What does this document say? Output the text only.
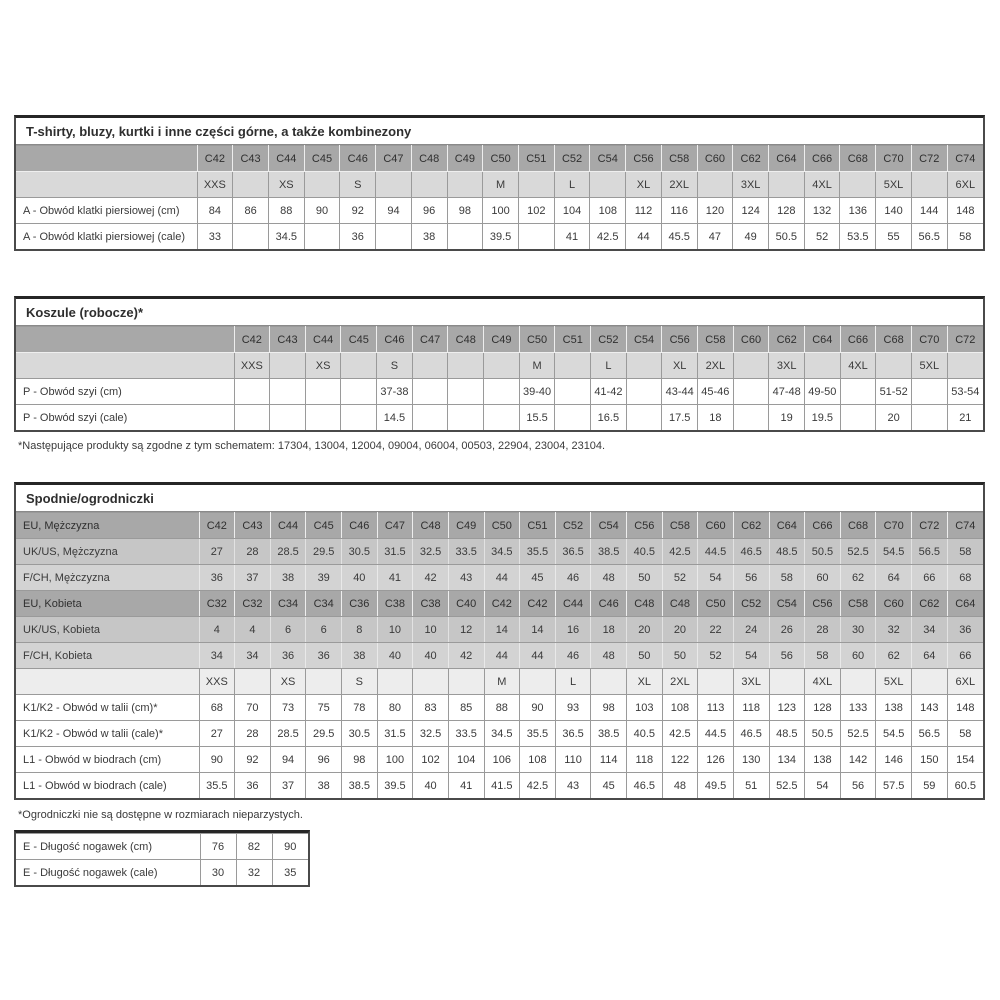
T-shirty, bluzy, kurtki i inne części górne, a także kombinezony
	C42	C43	C44	C45	C46	C47	C48	C49	C50	C51	C52	C54	C56	C58	C60	C62	C64	C66	C68	C70	C72	C74
	XXS		XS		S				M		L		XL	2XL		3XL		4XL		5XL		6XL
A - Obwód klatki piersiowej (cm)	84	86	88	90	92	94	96	98	100	102	104	108	112	116	120	124	128	132	136	140	144	148
A - Obwód klatki piersiowej (cale)	33		34.5		36		38		39.5		41	42.5	44	45.5	47	49	50.5	52	53.5	55	56.5	58
Koszule (robocze)*
	C42	C43	C44	C45	C46	C47	C48	C49	C50	C51	C52	C54	C56	C58	C60	C62	C64	C66	C68	C70	C72
	XXS		XS		S				M		L		XL	2XL		3XL		4XL		5XL	
P - Obwód szyi (cm)					37-38				39-40		41-42		43-44	45-46		47-48	49-50		51-52		53-54
P - Obwód szyi (cale)					14.5				15.5		16.5		17.5	18		19	19.5		20		21
*Następujące produkty są zgodne z tym schematem: 17304, 13004, 12004, 09004, 06004, 00503, 22904, 23004, 23104.
Spodnie/ogrodniczki
EU, Mężczyzna	C42	C43	C44	C45	C46	C47	C48	C49	C50	C51	C52	C54	C56	C58	C60	C62	C64	C66	C68	C70	C72	C74
UK/US, Mężczyzna	27	28	28.5	29.5	30.5	31.5	32.5	33.5	34.5	35.5	36.5	38.5	40.5	42.5	44.5	46.5	48.5	50.5	52.5	54.5	56.5	58
F/CH, Mężczyzna	36	37	38	39	40	41	42	43	44	45	46	48	50	52	54	56	58	60	62	64	66	68
EU, Kobieta	C32	C32	C34	C34	C36	C38	C38	C40	C42	C42	C44	C46	C48	C48	C50	C52	C54	C56	C58	C60	C62	C64
UK/US, Kobieta	4	4	6	6	8	10	10	12	14	14	16	18	20	20	22	24	26	28	30	32	34	36
F/CH, Kobieta	34	34	36	36	38	40	40	42	44	44	46	48	50	50	52	54	56	58	60	62	64	66
	XXS		XS		S				M		L		XL	2XL		3XL		4XL		5XL		6XL
K1/K2 - Obwód w talii (cm)*	68	70	73	75	78	80	83	85	88	90	93	98	103	108	113	118	123	128	133	138	143	148
K1/K2 - Obwód w talii (cale)*	27	28	28.5	29.5	30.5	31.5	32.5	33.5	34.5	35.5	36.5	38.5	40.5	42.5	44.5	46.5	48.5	50.5	52.5	54.5	56.5	58
L1 - Obwód w biodrach (cm)	90	92	94	96	98	100	102	104	106	108	110	114	118	122	126	130	134	138	142	146	150	154
L1 - Obwód w biodrach (cale)	35.5	36	37	38	38.5	39.5	40	41	41.5	42.5	43	45	46.5	48	49.5	51	52.5	54	56	57.5	59	60.5
*Ogrodniczki nie są dostępne w rozmiarach nieparzystych.
E - Długość nogawek (cm)	76	82	90
E - Długość nogawek (cale)	30	32	35
